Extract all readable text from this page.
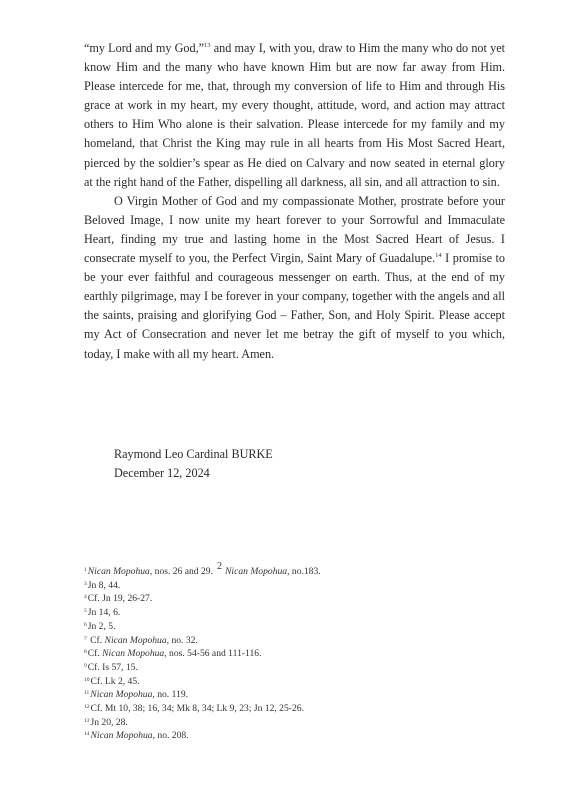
“my Lord and my God,”$^{13}$ and may I, with you, draw to Him the many who do not yet know Him and the many who have known Him but are now far away from Him. Please intercede for me, that, through my conversion of life to Him and through His grace at work in my heart, my every thought, attitude, word, and action may attract others to Him Who alone is their salvation. Please intercede for my family and my homeland, that Christ the King may rule in all hearts from His Most Sacred Heart, pierced by the soldier’s spear as He died on Calvary and now seated in eternal glory at the right hand of the Father, dispelling all darkness, all sin, and all attraction to sin.

O Virgin Mother of God and my compassionate Mother, prostrate before your Beloved Image, I now unite my heart forever to your Sorrowful and Immaculate Heart, finding my true and lasting home in the Most Sacred Heart of Jesus. I consecrate myself to you, the Perfect Virgin, Saint Mary of Guadalupe.$^{14}$ I promise to be your ever faithful and courageous messenger on earth. Thus, at the end of my earthly pilgrimage, may I be forever in your company, together with the angels and all the saints, praising and glorifying God – Father, Son, and Holy Spirit. Please accept my Act of Consecration and never let me betray the gift of myself to you which, today, I make with all my heart. Amen.

Raymond Leo Cardinal BURKE
December 12, 2024
$^1$Nican Mopohua, nos. 26 and 29. 2 Nican Mopohua, no.183.
$^3$Jn 8, 44.
$^4$Cf. Jn 19, 26-27.
$^5$Jn 14, 6.
$^6$Jn 2, 5.
$^7$ Cf. Nican Mopohua, no. 32.
$^8$Cf. Nican Mopohua, nos. 54-56 and 111-116.
$^9$Cf. Is 57, 15.
$^{10}$Cf. Lk 2, 45.
$^{11}$Nican Mopohua, no. 119.
$^{12}$Cf. Mt 10, 38; 16, 34; Mk 8, 34; Lk 9, 23; Jn 12, 25-26.
$^{13}$Jn 20, 28.
$^{14}$Nican Mopohua, no. 208.
